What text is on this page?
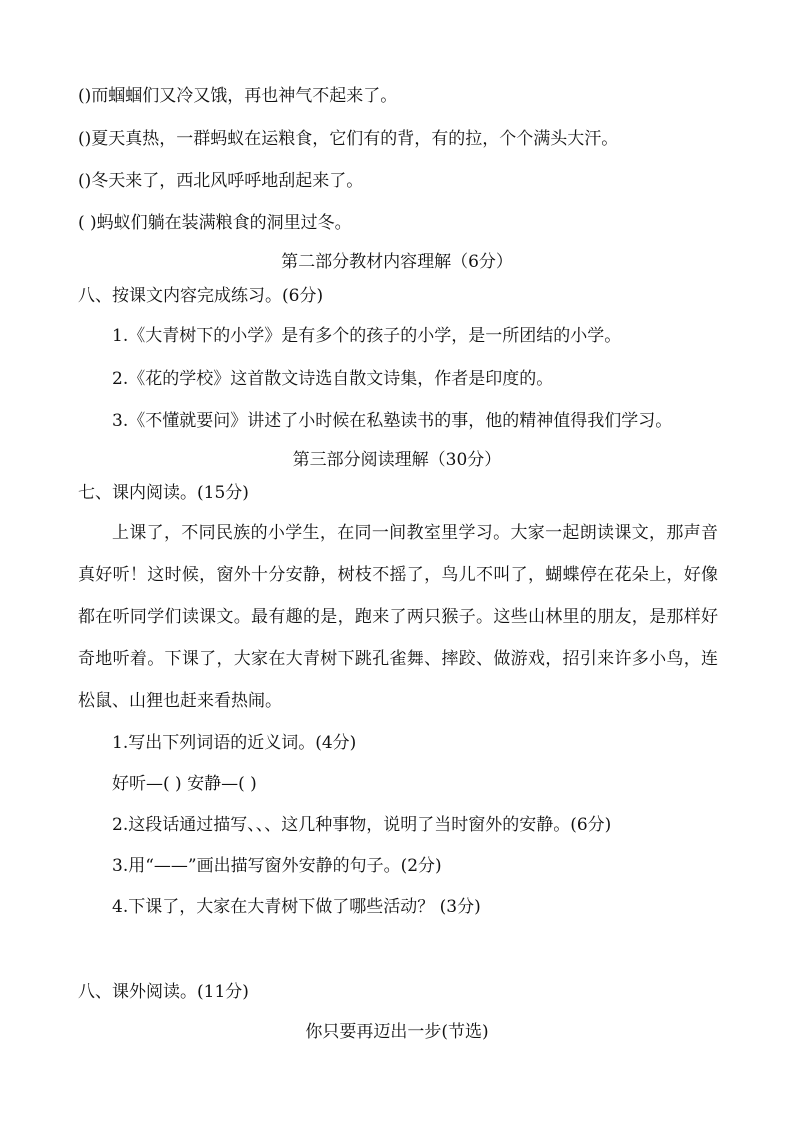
()而蝈蝈们又冷又饿，再也神气不起来了。
()夏天真热，一群蚂蚁在运粮食，它们有的背，有的拉，个个满头大汗。
()冬天来了，西北风呼呼地刮起来了。
( )蚂蚁们躺在装满粮食的洞里过冬。
第二部分教材内容理解（6分）
八、按课文内容完成练习。(6分)
1.《大青树下的小学》是有多个的孩子的小学，是一所团结的小学。
2.《花的学校》这首散文诗选自散文诗集，作者是印度的。
3.《不懂就要问》讲述了小时候在私塾读书的事，他的精神值得我们学习。
第三部分阅读理解（30分）
七、课内阅读。(15分)
上课了，不同民族的小学生，在同一间教室里学习。大家一起朗读课文，那声音真好听！这时候，窗外十分安静，树枝不摇了，鸟儿不叫了，蝴蝶停在花朵上，好像都在听同学们读课文。最有趣的是，跑来了两只猴子。这些山林里的朋友，是那样好奇地听着。下课了，大家在大青树下跳孔雀舞、摔跤、做游戏，招引来许多小鸟，连松鼠、山狸也赶来看热闹。
1.写出下列词语的近义词。(4分)
好听—( ) 安静—( )
2.这段话通过描写、、、这几种事物，说明了当时窗外的安静。(6分)
3.用“——”画出描写窗外安静的句子。(2分)
4.下课了，大家在大青树下做了哪些活动？ (3分)
八、课外阅读。(11分)
你只要再迈出一步(节选)
